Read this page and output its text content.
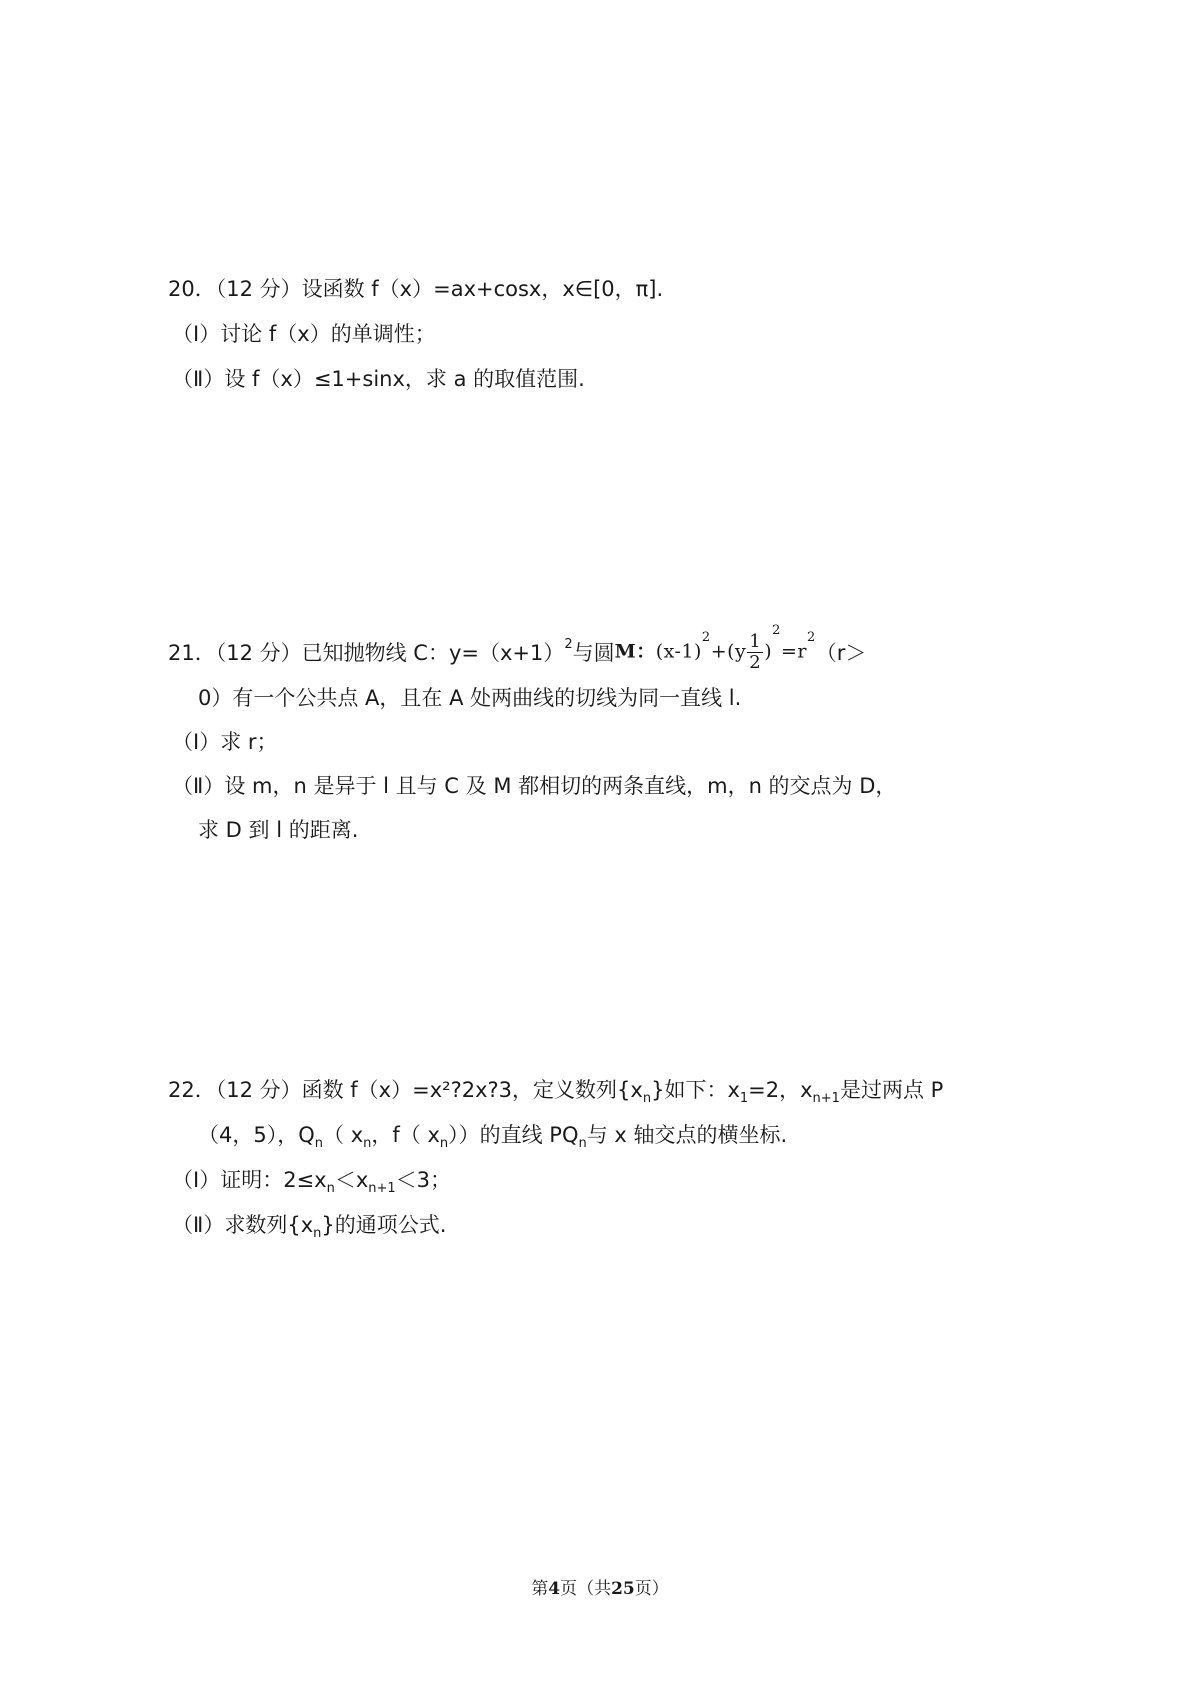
20．（12 分）设函数 f（x）=ax+cosx，x∈[0，π].
（Ⅰ）讨论 f（x）的单调性；
（Ⅱ）设 f（x）≤1+sinx，求 a 的取值范围.
21．（12 分）已知抛物线 C：$y=(x+1)^2$ 与圆 M：$(x-1)^2+(y \frac{1}{2} )^2=r^2$
（r＞
0）有一个公共点 A，且在 A 处两曲线的切线为同一直线 l.
（Ⅰ）求 r；
（Ⅱ）设 m，n 是异于 l 且与 C 及 M 都相切的两条直线，m，n 的交点为 D，
求 D 到 l 的距离.
22．（12 分）函数 f（x）=x²?2x?3，定义数列$\{x_n\}$如下：$x_1=2$，$x_{n+1}$是过两点 P
（4，5），$Q_n$（ $x_n$，f（ $x_n$））的直线 $PQ_n$与 x 轴交点的横坐标.
（Ⅰ）证明：$2\le x_n<x_{n+1}<3$；
（Ⅱ）求数列$\{x_n\}$的通项公式.
第4页（共25页）
